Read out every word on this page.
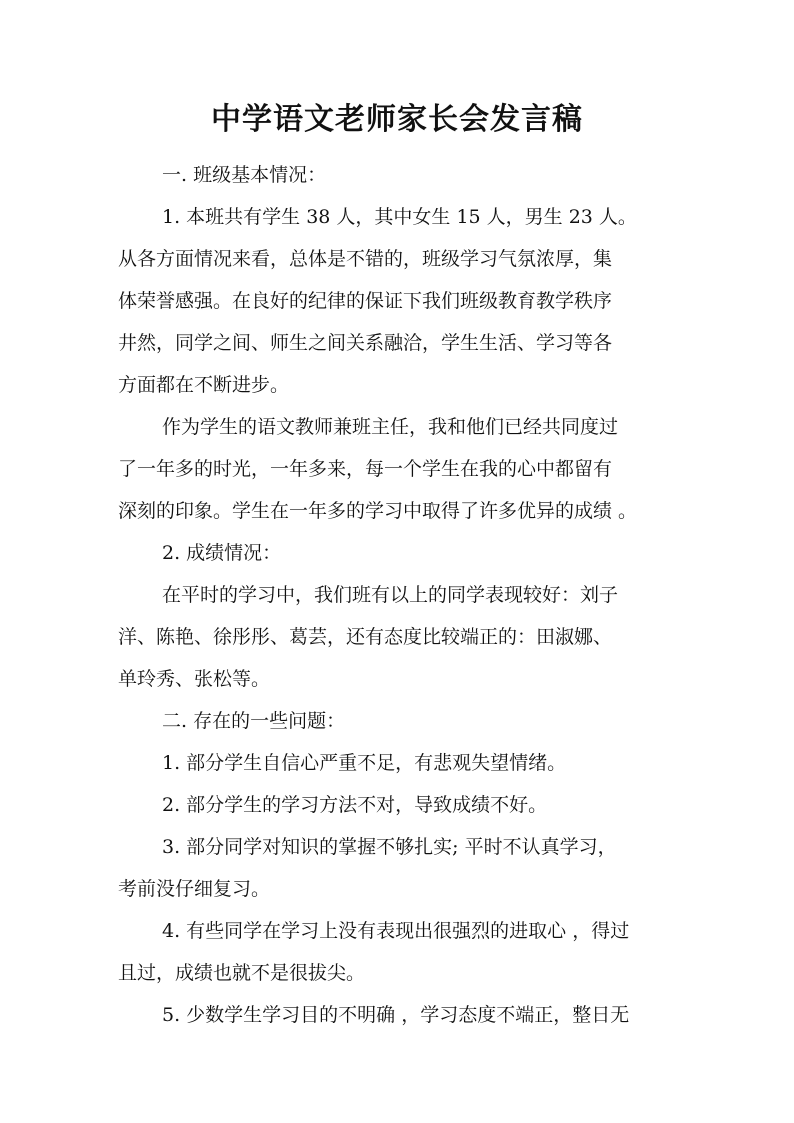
中学语文老师家长会发言稿
一. 班级基本情况：
1. 本班共有学生 38 人，其中女生 15 人，男生 23 人。
从各方面情况来看，总体是不错的，班级学习气氛浓厚，集
体荣誉感强。在良好的纪律的保证下我们班级教育教学秩序
井然，同学之间、师生之间关系融洽，学生生活、学习等各
方面都在不断进步。
作为学生的语文教师兼班主任，我和他们已经共同度过
了一年多的时光，一年多来，每一个学生在我的心中都留有
深刻的印象。学生在一年多的学习中取得了许多优异的成绩 。
2. 成绩情况：
在平时的学习中，我们班有以上的同学表现较好：刘子
洋、陈艳、徐彤彤、葛芸，还有态度比较端正的：田淑娜、
单玲秀、张松等。
二. 存在的一些问题：
1. 部分学生自信心严重不足，有悲观失望情绪。
2. 部分学生的学习方法不对，导致成绩不好。
3. 部分同学对知识的掌握不够扎实; 平时不认真学习，
考前没仔细复习。
4. 有些同学在学习上没有表现出很强烈的进取心 ，得过
且过，成绩也就不是很拔尖。
5. 少数学生学习目的不明确 ，学习态度不端正，整日无
